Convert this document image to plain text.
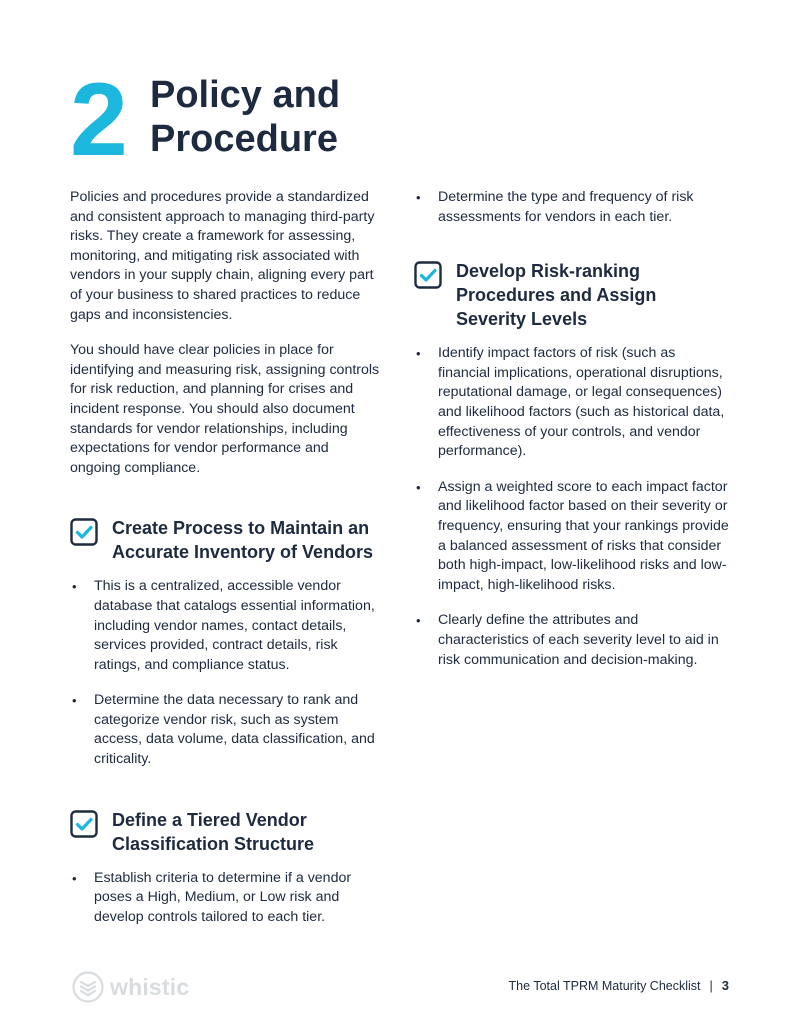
2 Policy and
Procedure

Policies and procedures provide a standardized and consistent approach to managing third-party risks. They create a framework for assessing, monitoring, and mitigating risk associated with vendors in your supply chain, aligning every part of your business to shared practices to reduce gaps and inconsistencies.

You should have clear policies in place for identifying and measuring risk, assigning controls for risk reduction, and planning for crises and incident response. You should also document standards for vendor relationships, including expectations for vendor performance and ongoing compliance.

Create Process to Maintain an
Accurate Inventory of Vendors
• This is a centralized, accessible vendor database that catalogs essential information, including vendor names, contact details, services provided, contract details, risk ratings, and compliance status.
• Determine the data necessary to rank and categorize vendor risk, such as system access, data volume, data classification, and criticality.
Define a Tiered Vendor
Classification Structure
• Establish criteria to determine if a vendor poses a High, Medium, or Low risk and develop controls tailored to each tier.
• Determine the type and frequency of risk assessments for vendors in each tier.
Develop Risk-ranking
Procedures and Assign
Severity Levels
• Identify impact factors of risk (such as financial implications, operational disruptions, reputational damage, or legal consequences) and likelihood factors (such as historical data, effectiveness of your controls, and vendor performance).
• Assign a weighted score to each impact factor and likelihood factor based on their severity or frequency, ensuring that your rankings provide a balanced assessment of risks that consider both high-impact, low-likelihood risks and low-impact, high-likelihood risks.
• Clearly define the attributes and characteristics of each severity level to aid in risk communication and decision-making.
whistic	The Total TPRM Maturity Checklist | 3
